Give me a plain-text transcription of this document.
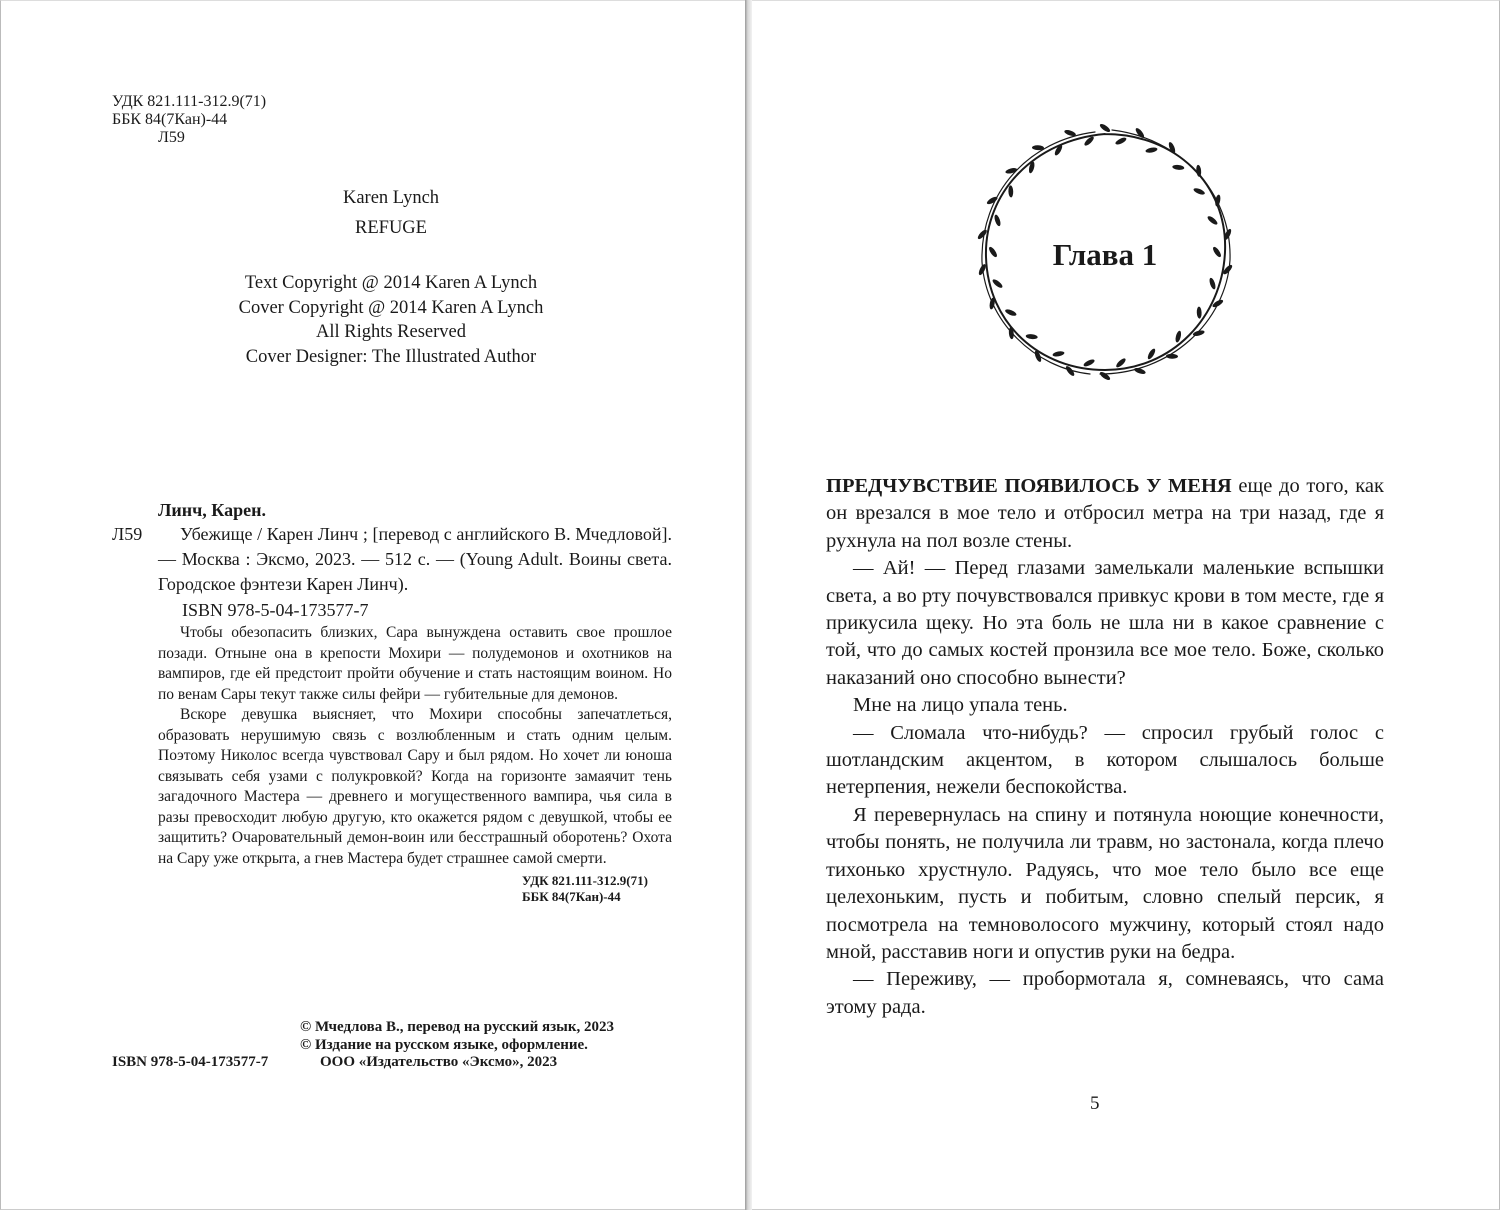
УДК 821.111-312.9(71)
ББК 84(7Кан)-44
Л59
Karen Lynch
REFUGE
Text Copyright @ 2014 Karen A Lynch
Cover Copyright @ 2014 Karen A Lynch
All Rights Reserved
Cover Designer: The Illustrated Author
Линч, Карен.
Л59	Убежище / Карен Линч ; [перевод с английского В. Мчедловой]. — Москва : Эксмо, 2023. — 512 с. — (Young Adult. Воины света. Городское фэнтези Карен Линч).
ISBN 978-5-04-173577-7

Чтобы обезопасить близких, Сара вынуждена оставить свое прошлое позади. Отныне она в крепости Мохири — полудемонов и охотников на вампиров, где ей предстоит пройти обучение и стать настоящим воином. Но по венам Сары текут также силы фейри — губительные для демонов.

Вскоре девушка выясняет, что Мохири способны запечатлеться, образовать нерушимую связь с возлюбленным и стать одним целым. Поэтому Николос всегда чувствовал Сару и был рядом. Но хочет ли юноша связывать себя узами с полукровкой? Когда на горизонте замаячит тень загадочного Мастера — древнего и могущественного вампира, чья сила в разы превосходит любую другую, кто окажется рядом с девушкой, чтобы ее защитить? Очаровательный демон-воин или бесстрашный оборотень? Охота на Сару уже открыта, а гнев Мастера будет страшнее самой смерти.

УДК 821.111-312.9(71)
ББК 84(7Кан)-44
© Мчедлова В., перевод на русский язык, 2023
© Издание на русском языке, оформление.
ООО «Издательство «Эксмо», 2023
ISBN 978-5-04-173577-7
Глава 1

ПРЕДЧУВСТВИЕ ПОЯВИЛОСЬ У МЕНЯ еще до того, как он врезался в мое тело и отбросил метра на три назад, где я рухнула на пол возле стены.

— Ай! — Перед глазами замелькали маленькие вспышки света, а во рту почувствовался привкус крови в том месте, где я прикусила щеку. Но эта боль не шла ни в какое сравнение с той, что до самых костей пронзила все мое тело. Боже, сколько наказаний оно способно вынести?

Мне на лицо упала тень.

— Сломала что-нибудь? — спросил грубый голос с шотландским акцентом, в котором слышалось больше нетерпения, нежели беспокойства.

Я перевернулась на спину и потянула ноющие конечности, чтобы понять, не получила ли травм, но застонала, когда плечо тихонько хрустнуло. Радуясь, что мое тело было все еще целехоньким, пусть и побитым, словно спелый персик, я посмотрела на темноволосого мужчину, который стоял надо мной, расставив ноги и опустив руки на бедра.

— Переживу, — пробормотала я, сомневаясь, что сама этому рада.

5
